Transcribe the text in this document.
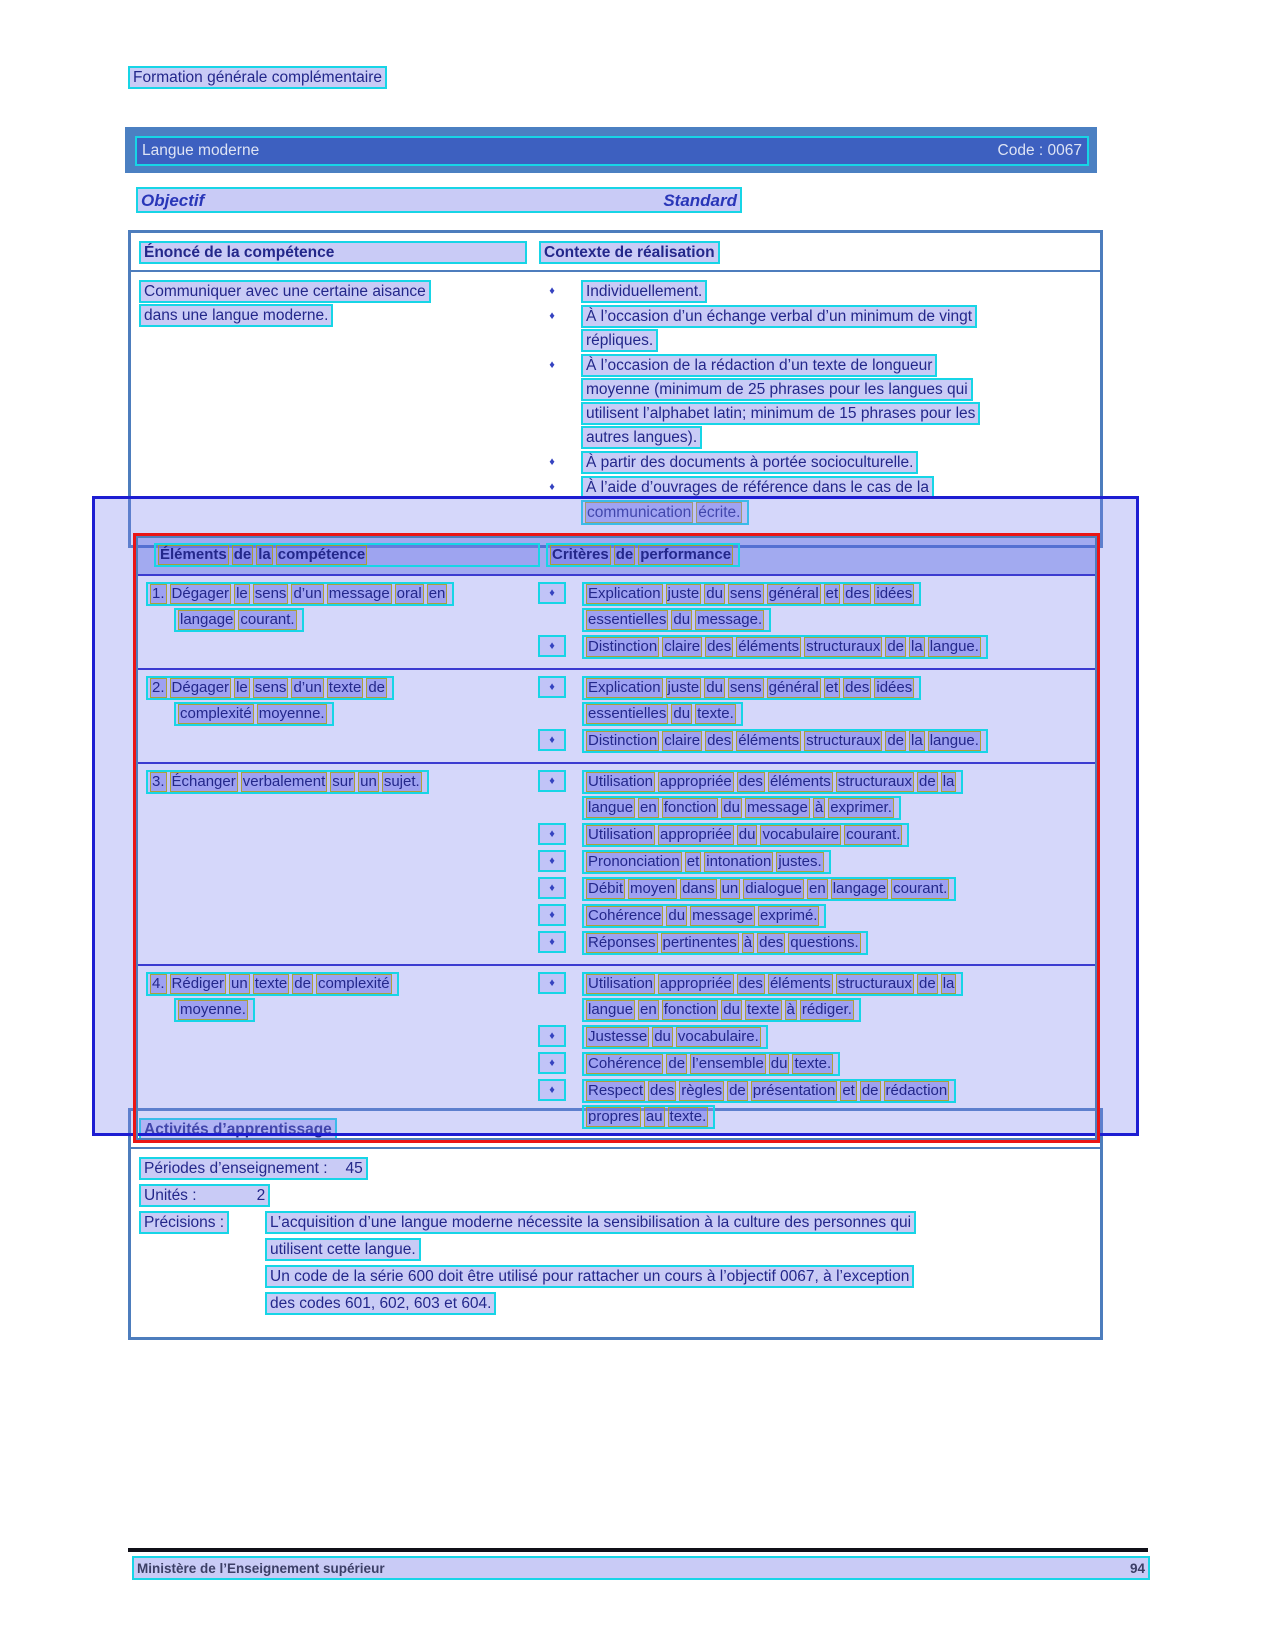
Formation générale complémentaire
Langue moderne	Code : 0067
Objectif	Standard
Énoncé de la compétence	Contexte de réalisation
Communiquer avec une certaine aisance
dans une langue moderne.
♦	Individuellement.
♦	À l’occasion d’un échange verbal d’un minimum de vingt
répliques.
♦	À l’occasion de la rédaction d’un texte de longueur
moyenne (minimum de 25 phrases pour les langues qui
utilisent l’alphabet latin; minimum de 15 phrases pour les
autres langues).
♦	À partir des documents à portée socioculturelle.
♦	À l’aide d’ouvrages de référence dans le cas de la
communication écrite.
Éléments de la compétence	Critères de performance
1. Dégager le sens d’un message oral en
langage courant.
♦	Explication juste du sens général et des idées
essentielles du message.
♦	Distinction claire des éléments structuraux de la langue.
2. Dégager le sens d’un texte de
complexité moyenne.
♦	Explication juste du sens général et des idées
essentielles du texte.
♦	Distinction claire des éléments structuraux de la langue.
3. Échanger verbalement sur un sujet.	♦	Utilisation appropriée des éléments structuraux de la
langue en fonction du message à exprimer.
♦	Utilisation appropriée du vocabulaire courant.
♦	Prononciation et intonation justes.
♦	Débit moyen dans un dialogue en langage courant.
♦	Cohérence du message exprimé.
♦	Réponses pertinentes à des questions.
4. Rédiger un texte de complexité
moyenne.
♦	Utilisation appropriée des éléments structuraux de la
langue en fonction du texte à rédiger.
♦	Justesse du vocabulaire.
♦	Cohérence de l’ensemble du texte.
♦	Respect des règles de présentation et de rédaction
propres au texte.
Activités d’apprentissage
Périodes d’enseignement : 45
Unités :	2
Précisions :	L’acquisition d’une langue moderne nécessite la sensibilisation à la culture des personnes qui
utilisent cette langue.
Un code de la série 600 doit être utilisé pour rattacher un cours à l’objectif 0067, à l’exception
des codes 601, 602, 603 et 604.
Ministère de l’Enseignement supérieur	94
